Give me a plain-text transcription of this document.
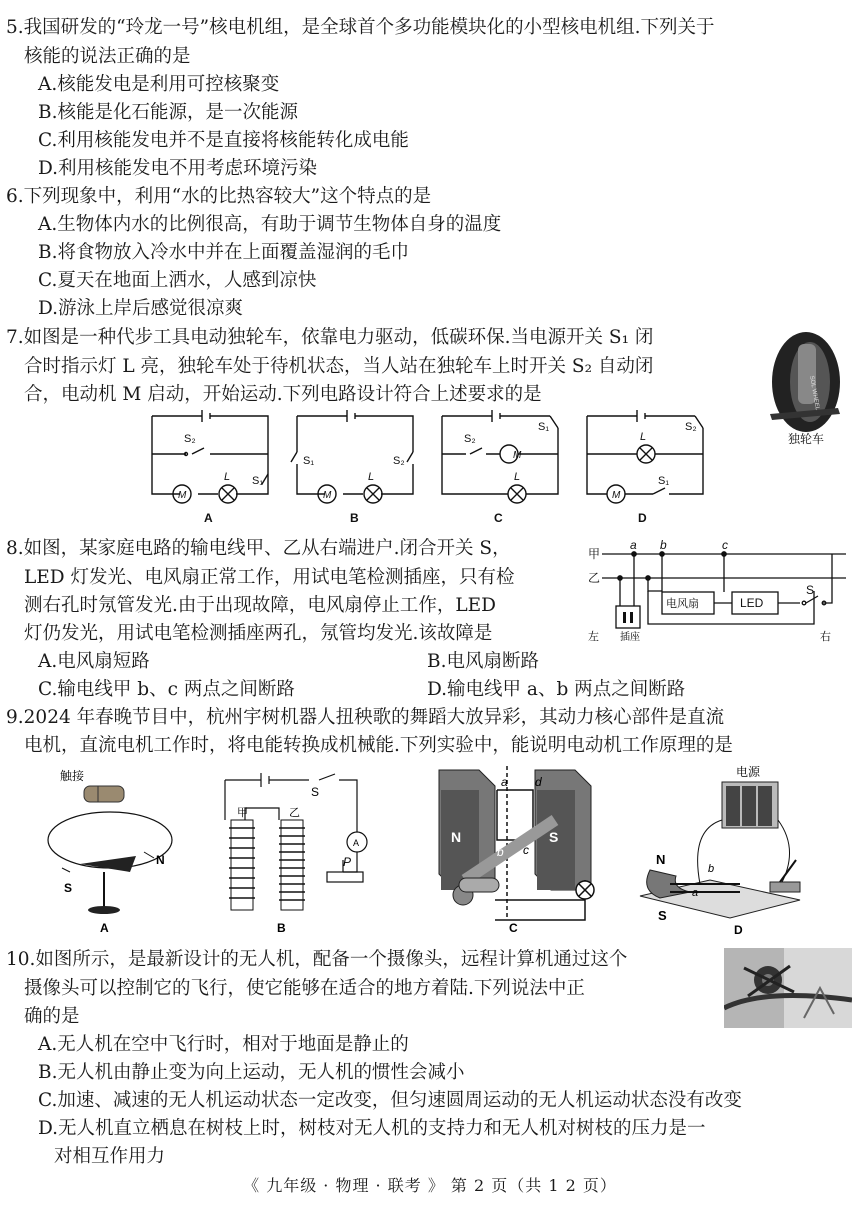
5.我国研发的“玲龙一号”核电机组，是全球首个多功能模块化的小型核电机组.下列关于
核能的说法正确的是
A.核能发电是利用可控核聚变
B.核能是化石能源，是一次能源
C.利用核能发电并不是直接将核能转化成电能
D.利用核能发电不用考虑环境污染
6.下列现象中，利用“水的比热容较大”这个特点的是
A.生物体内水的比例很高，有助于调节生物体自身的温度
B.将食物放入冷水中并在上面覆盖湿润的毛巾
C.夏天在地面上洒水，人感到凉快
D.游泳上岸后感觉很凉爽
7.如图是一种代步工具电动独轮车，依靠电力驱动，低碳环保.当电源开关 S₁ 闭
合时指示灯 L 亮，独轮车处于待机状态，当人站在独轮车上时开关 S₂ 自动闭
合，电动机 M 启动，开始运动.下列电路设计符合上述要求的是	SOL WHEEL
独轮车
S₂
S₁
L
M
A
S₁	S₂
L
M
B
S₂
S₁
M
L
C
L
S₂
S₁
M
D
8.如图，某家庭电路的输电线甲、乙从右端进户.闭合开关 S，
LED 灯发光、电风扇正常工作，用试电笔检测插座，只有检
测右孔时氖管发光.由于出现故障，电风扇停止工作，LED
灯仍发光，用试电笔检测插座两孔，氖管均发光.该故障是
A.电风扇短路	B.电风扇断路
C.输电线甲 b、c 两点之间断路	D.输电线甲 a、b 两点之间断路
甲
乙
a b	c
电风扇	LED
S
插座
左	右
9.2024 年春晚节目中，杭州宇树机器人扭秧歌的舞蹈大放异彩，其动力核心部件是直流
电机，直流电机工作时，将电能转换成机械能.下列实验中，能说明电动机工作原理的是
触接
N
S
A
甲	乙
S
A
P
B
N	S
a
b c
d
C
电源
N
S
a
b
D
10.如图所示，是最新设计的无人机，配备一个摄像头，远程计算机通过这个
摄像头可以控制它的飞行，使它能够在适合的地方着陆.下列说法中正
确的是
A.无人机在空中飞行时，相对于地面是静止的
B.无人机由静止变为向上运动，无人机的惯性会减小
C.加速、减速的无人机运动状态一定改变，但匀速圆周运动的无人机运动状态没有改变
D.无人机直立栖息在树枝上时，树枝对无人机的支持力和无人机对树枝的压力是一
对相互作用力
《 九年级 · 物理 · 联考 》 第 2 页（共 1 2 页）
